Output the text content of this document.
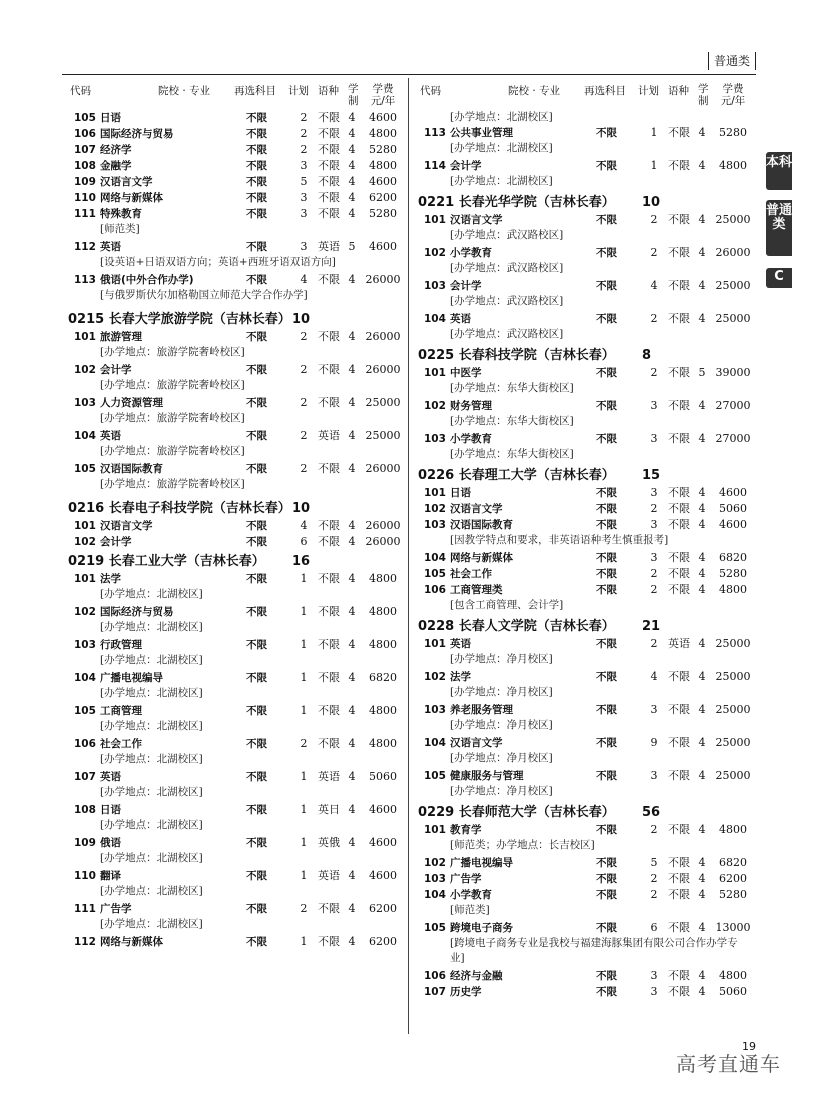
普通类
本科
普通类
C
代码	院校 · 专业 再选科目 计划 语种 学制
学费元/年
105 日语	不限	2 不限 4	4600
106 国际经济与贸易	不限	2 不限 4	4800
107 经济学	不限	2 不限 4	5280
108 金融学	不限	3 不限 4	4800
109 汉语言文学	不限	5 不限 4	4600
110 网络与新媒体	不限	3 不限 4	6200
111 特殊教育	不限	3 不限 4	5280
[师范类]
112 英语	不限	3 英语 5	4600
[设英语+日语双语方向；英语+西班牙语双语方向]
113 俄语(中外合作办学)	不限	4 不限 4 26000
[与俄罗斯伏尔加格勒国立师范大学合作办学]
0215 长春大学旅游学院（吉林长春） 10
101 旅游管理	不限	2 不限 4 26000
[办学地点：旅游学院奢岭校区]
102 会计学	不限	2 不限 4 26000
[办学地点：旅游学院奢岭校区]
103 人力资源管理	不限	2 不限 4 25000
[办学地点：旅游学院奢岭校区]
104 英语	不限	2 英语 4 25000
[办学地点：旅游学院奢岭校区]
105 汉语国际教育	不限	2 不限 4 26000
[办学地点：旅游学院奢岭校区]
0216 长春电子科技学院（吉林长春） 10
101 汉语言文学	不限	4 不限 4 26000
102 会计学	不限	6 不限 4 26000
0219 长春工业大学（吉林长春） 16
101 法学	不限	1 不限 4	4800
[办学地点：北湖校区]
102 国际经济与贸易	不限	1 不限 4	4800
[办学地点：北湖校区]
103 行政管理	不限	1 不限 4	4800
[办学地点：北湖校区]
104 广播电视编导	不限	1 不限 4	6820
[办学地点：北湖校区]
105 工商管理	不限	1 不限 4	4800
[办学地点：北湖校区]
106 社会工作	不限	2 不限 4	4800
[办学地点：北湖校区]
107 英语	不限	1 英语 4	5060
[办学地点：北湖校区]
108 日语	不限	1 英日 4	4600
[办学地点：北湖校区]
109 俄语	不限	1 英俄 4	4600
[办学地点：北湖校区]
110 翻译	不限	1 英语 4	4600
[办学地点：北湖校区]
111 广告学	不限	2 不限 4	6200
[办学地点：北湖校区]
112 网络与新媒体	不限	1 不限 4	6200
代码	院校 · 专业 再选科目 计划 语种 学制
学费元/年
[办学地点：北湖校区]
113 公共事业管理	不限	1 不限 4	5280
[办学地点：北湖校区]
114 会计学	不限	1 不限 4	4800
[办学地点：北湖校区]
0221 长春光华学院（吉林长春） 10
101 汉语言文学	不限	2 不限 4 25000
[办学地点：武汉路校区]
102 小学教育	不限	2 不限 4 26000
[办学地点：武汉路校区]
103 会计学	不限	4 不限 4 25000
[办学地点：武汉路校区]
104 英语	不限	2 不限 4 25000
[办学地点：武汉路校区]
0225 长春科技学院（吉林长春） 8
101 中医学	不限	2 不限 5 39000
[办学地点：东华大街校区]
102 财务管理	不限	3 不限 4 27000
[办学地点：东华大街校区]
103 小学教育	不限	3 不限 4 27000
[办学地点：东华大街校区]
0226 长春理工大学（吉林长春） 15
101 日语	不限	3 不限 4	4600
102 汉语言文学	不限	2 不限 4	5060
103 汉语国际教育	不限	3 不限 4	4600
[因教学特点和要求，非英语语种考生慎重报考]
104 网络与新媒体	不限	3 不限 4	6820
105 社会工作	不限	2 不限 4	5280
106 工商管理类	不限	2 不限 4	4800
[包含工商管理、会计学]
0228 长春人文学院（吉林长春） 21
101 英语	不限	2 英语 4 25000
[办学地点：净月校区]
102 法学	不限	4 不限 4 25000
[办学地点：净月校区]
103 养老服务管理	不限	3 不限 4 25000
[办学地点：净月校区]
104 汉语言文学	不限	9 不限 4 25000
[办学地点：净月校区]
105 健康服务与管理	不限	3 不限 4 25000
[办学地点：净月校区]
0229 长春师范大学（吉林长春） 56
101 教育学	不限	2 不限 4	4800
[师范类；办学地点：长吉校区]
102 广播电视编导	不限	5 不限 4	6820
103 广告学	不限	2 不限 4	6200
104 小学教育	不限	2 不限 4	5280
[师范类]
105 跨境电子商务	不限	6 不限 4 13000
[跨境电子商务专业是我校与福建海豚集团有限公司合作办学专业]
106 经济与金融	不限	3 不限 4	4800
107 历史学	不限	3 不限 4	5060
19
高考直通车
